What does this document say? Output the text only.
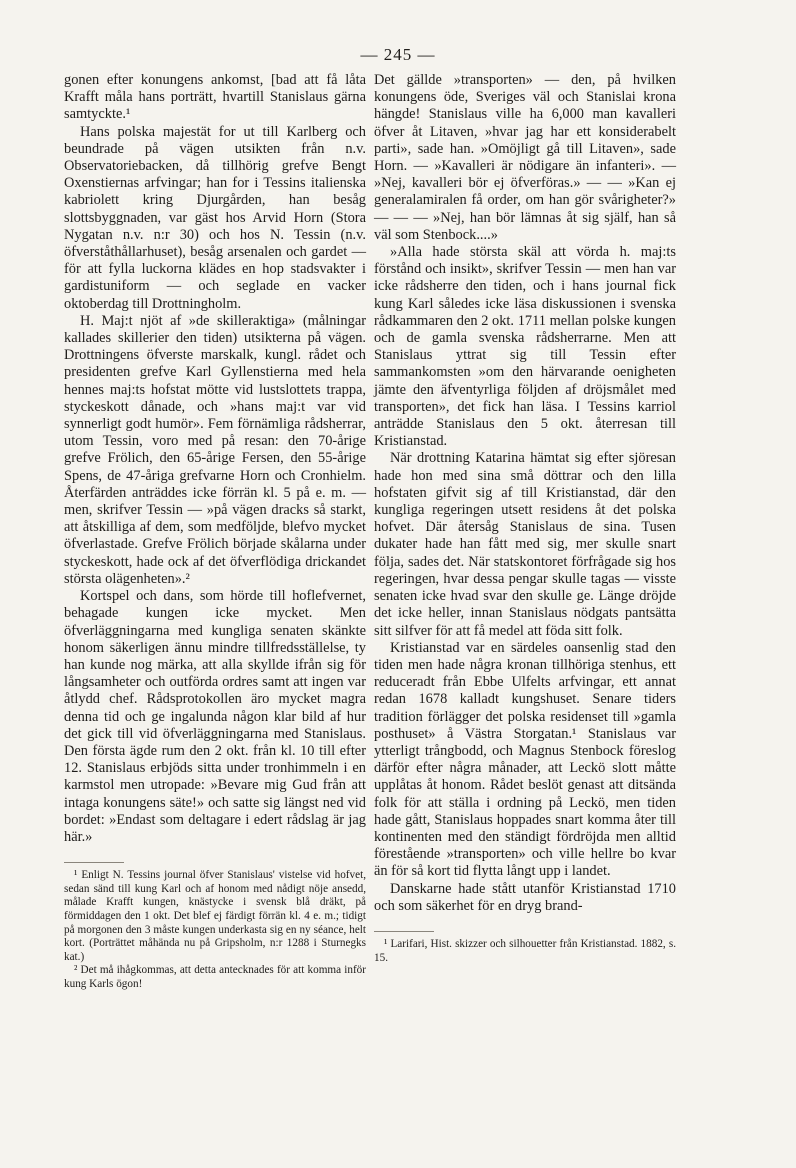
— 245 —

gonen efter konungens ankomst, [bad att få låta Krafft måla hans porträtt, hvartill Stanislaus gärna samtyckte.¹

Hans polska majestät for ut till Karlberg och beundrade på vägen utsikten från n.v. Observatoriebacken, då tillhörig grefve Bengt Oxenstiernas arfvingar; han for i Tessins italienska kabriolett kring Djurgården, han besåg slottsbyggnaden, var gäst hos Arvid Horn (Stora Nygatan n.v. n:r 30) och hos N. Tessin (n.v. öfverståthållarhuset), besåg arsenalen och gardet — för att fylla luckorna klädes en hop stadsvakter i gardistuniform — och seglade en vacker oktoberdag till Drottningholm.

H. Maj:t njöt af »de skilleraktiga» (målningar kallades skillerier den tiden) utsikterna på vägen. Drottningens öfverste marskalk, kungl. rådet och presidenten grefve Karl Gyllenstierna med hela hennes maj:ts hofstat mötte vid lustslottets trappa, styckeskott dånade, och »hans maj:t var vid synnerligt godt humör». Fem förnämliga rådsherrar, utom Tessin, voro med på resan: den 70-årige grefve Frölich, den 65-årige Fersen, den 55-årige Spens, de 47-åriga grefvarne Horn och Cronhielm. Återfärden anträddes icke förrän kl. 5 på e. m. — men, skrifver Tessin — »på vägen dracks så starkt, att åtskilliga af dem, som medföljde, blefvo mycket öfverlastade. Grefve Frölich började skålarna under styckeskott, hade ock af det öfverflödiga drickandet största olägenheten».²

Kortspel och dans, som hörde till hoflefvernet, behagade kungen icke mycket. Men öfverläggningarna med kungliga senaten skänkte honom säkerligen ännu mindre tillfredsställelse, ty han kunde nog märka, att alla skyllde ifrån sig för långsamheter och outförda ordres samt att ingen var åtlydd chef. Rådsprotokollen äro mycket magra denna tid och ge ingalunda någon klar bild af hur det gick till vid öfverläggningarna med Stanislaus. Den första ägde rum den 2 okt. från kl. 10 till efter 12. Stanislaus erbjöds sitta under tronhimmeln i en karmstol men utropade: »Bevare mig Gud från att intaga konungens säte!» och satte sig längst ned vid bordet: »Endast som deltagare i edert rådslag är jag här.»

¹ Enligt N. Tessins journal öfver Stanislaus' vistelse vid hofvet, sedan sänd till kung Karl och af honom med nådigt nöje ansedd, målade Krafft kungen, knästycke i svensk blå dräkt, på förmiddagen den 1 okt. Det blef ej färdigt förrän kl. 4 e. m.; tidigt på morgonen den 3 måste kungen underkasta sig en ny séance, helt kort. (Porträttet måhända nu på Gripsholm, n:r 1288 i Sturnegks kat.)

² Det må ihågkommas, att detta antecknades för att komma inför kung Karls ögon!

Det gällde »transporten» — den, på hvilken konungens öde, Sveriges väl och Stanislai krona hängde! Stanislaus ville ha 6,000 man kavalleri öfver åt Litaven, »hvar jag har ett konsiderabelt parti», sade han. »Omöjligt gå till Litaven», sade Horn. — »Kavalleri är nödigare än infanteri». — »Nej, kavalleri bör ej öfverföras.» — — »Kan ej generalamiralen få order, om han gör svårigheter?» — — — »Nej, han bör lämnas åt sig själf, han så väl som Stenbock....»

»Alla hade största skäl att vörda h. maj:ts förstånd och insikt», skrifver Tessin — men han var icke rådsherre den tiden, och i hans journal fick kung Karl således icke läsa diskussionen i svenska rådkammaren den 2 okt. 1711 mellan polske kungen och de gamla svenska rådsherrarne. Men att Stanislaus yttrat sig till Tessin efter sammankomsten »om den härvarande oenigheten jämte den äfventyrliga följden af dröjsmålet med transporten», det fick han läsa. I Tessins karriol anträdde Stanislaus den 5 okt. återresan till Kristianstad.

När drottning Katarina hämtat sig efter sjöresan hade hon med sina små döttrar och den lilla hofstaten gifvit sig af till Kristianstad, där den kungliga regeringen utsett residens åt det polska hofvet. Där återsåg Stanislaus de sina. Tusen dukater hade han fått med sig, mer skulle snart följa, sades det. När statskontoret förfrågade sig hos regeringen, hvar dessa pengar skulle tagas — visste senaten icke hvad svar den skulle ge. Länge dröjde det icke heller, innan Stanislaus nödgats pantsätta sitt silfver för att få medel att föda sitt folk.

Kristianstad var en särdeles oansenlig stad den tiden men hade några kronan tillhöriga stenhus, ett reduceradt från Ebbe Ulfelts arfvingar, ett annat redan 1678 kalladt kungshuset. Senare tiders tradition förlägger det polska residenset till »gamla posthuset» å Västra Storgatan.¹ Stanislaus var ytterligt trångbodd, och Magnus Stenbock föreslog därför efter några månader, att Leckö slott måtte upplåtas åt honom. Rådet beslöt genast att ditsända folk för att ställa i ordning på Leckö, men tiden hade gått, Stanislaus hoppades snart komma åter till kontinenten med den ständigt fördröjda men alltid förestående »transporten» och ville hellre bo kvar än för så kort tid flytta långt upp i landet.

Danskarne hade stått utanför Kristianstad 1710 och som säkerhet för en dryg brand-

¹ Larifari, Hist. skizzer och silhouetter från Kristianstad. 1882, s. 15.
